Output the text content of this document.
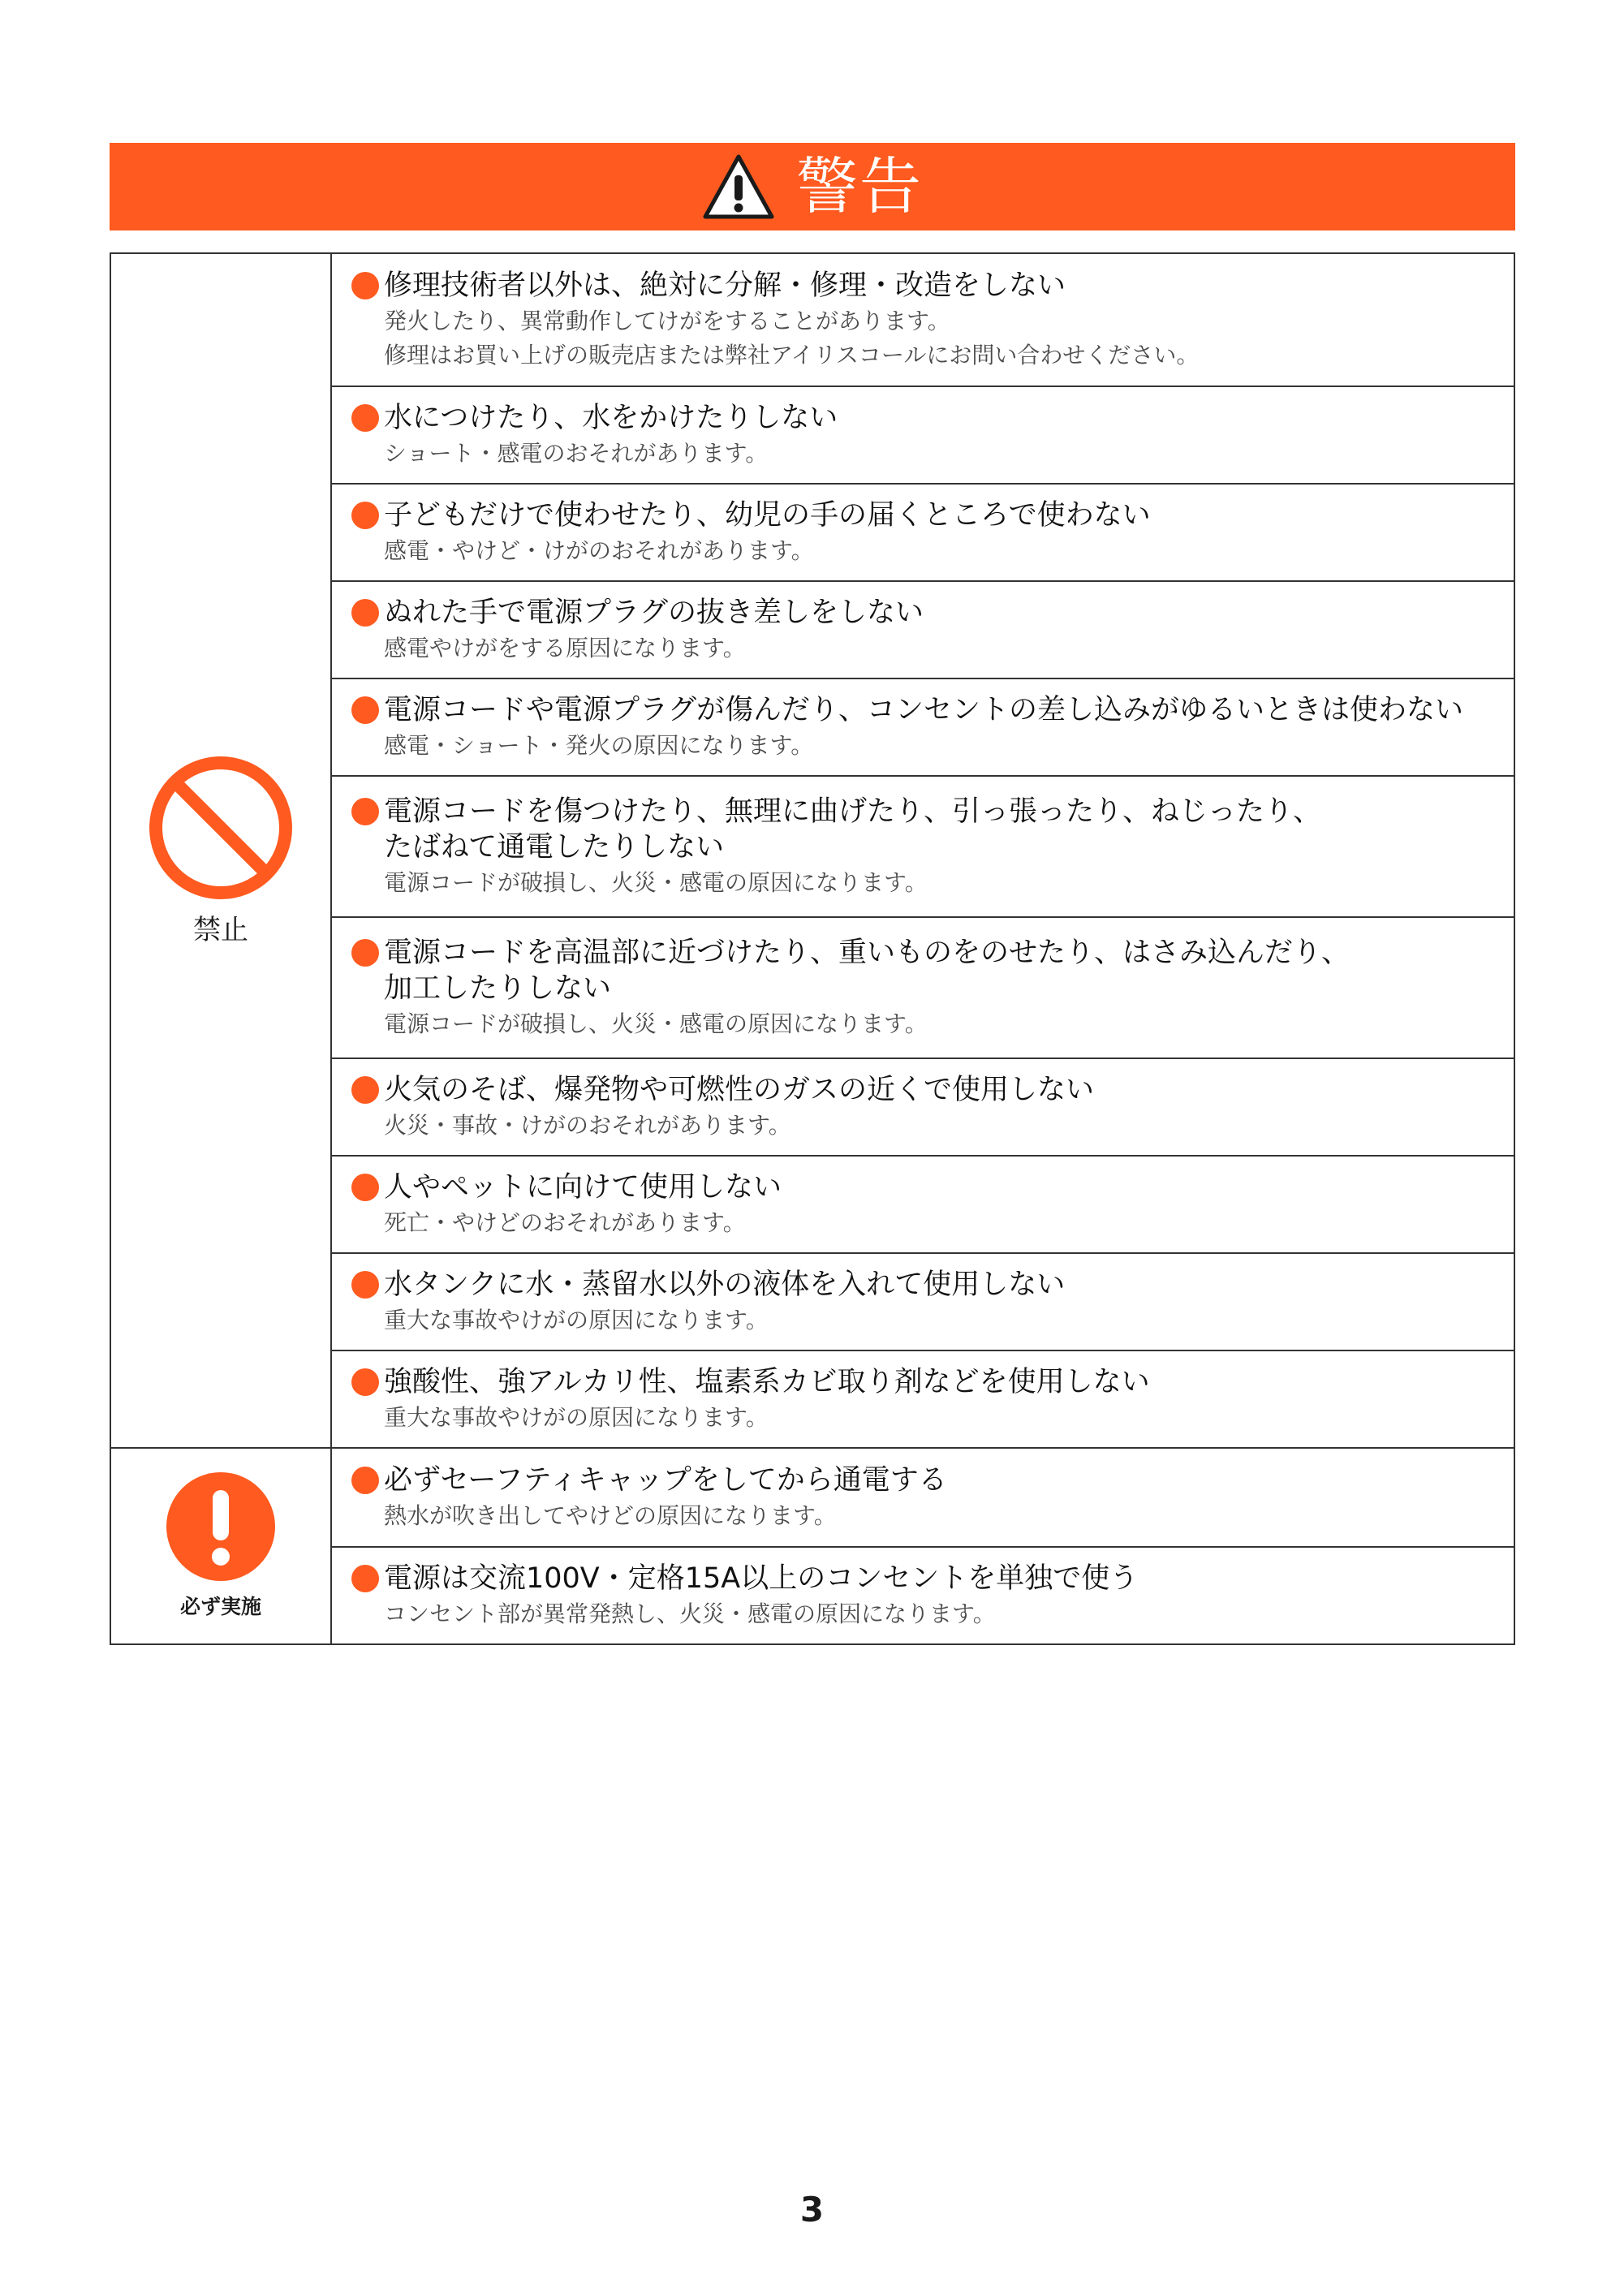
警告
禁止
修理技術者以外は、絶対に分解・修理・改造をしない
発火したり、異常動作してけがをすることがあります。
修理はお買い上げの販売店または弊社アイリスコールにお問い合わせください。
水につけたり、水をかけたりしない
ショート・感電のおそれがあります。
子どもだけで使わせたり、幼児の手の届くところで使わない
感電・やけど・けがのおそれがあります。
ぬれた手で電源プラグの抜き差しをしない
感電やけがをする原因になります。
電源コードや電源プラグが傷んだり、コンセントの差し込みがゆるいときは使わない
感電・ショート・発火の原因になります。
電源コードを傷つけたり、無理に曲げたり、引っ張ったり、ねじったり、
たばねて通電したりしない
電源コードが破損し、火災・感電の原因になります。
電源コードを高温部に近づけたり、重いものをのせたり、はさみ込んだり、
加工したりしない
電源コードが破損し、火災・感電の原因になります。
火気のそば、爆発物や可燃性のガスの近くで使用しない
火災・事故・けがのおそれがあります。
人やペットに向けて使用しない
死亡・やけどのおそれがあります。
水タンクに水・蒸留水以外の液体を入れて使用しない
重大な事故やけがの原因になります。
強酸性、強アルカリ性、塩素系カビ取り剤などを使用しない
重大な事故やけがの原因になります。
必ず実施
必ずセーフティキャップをしてから通電する
熱水が吹き出してやけどの原因になります。
電源は交流100V・定格15A以上のコンセントを単独で使う
コンセント部が異常発熱し、火災・感電の原因になります。
3
